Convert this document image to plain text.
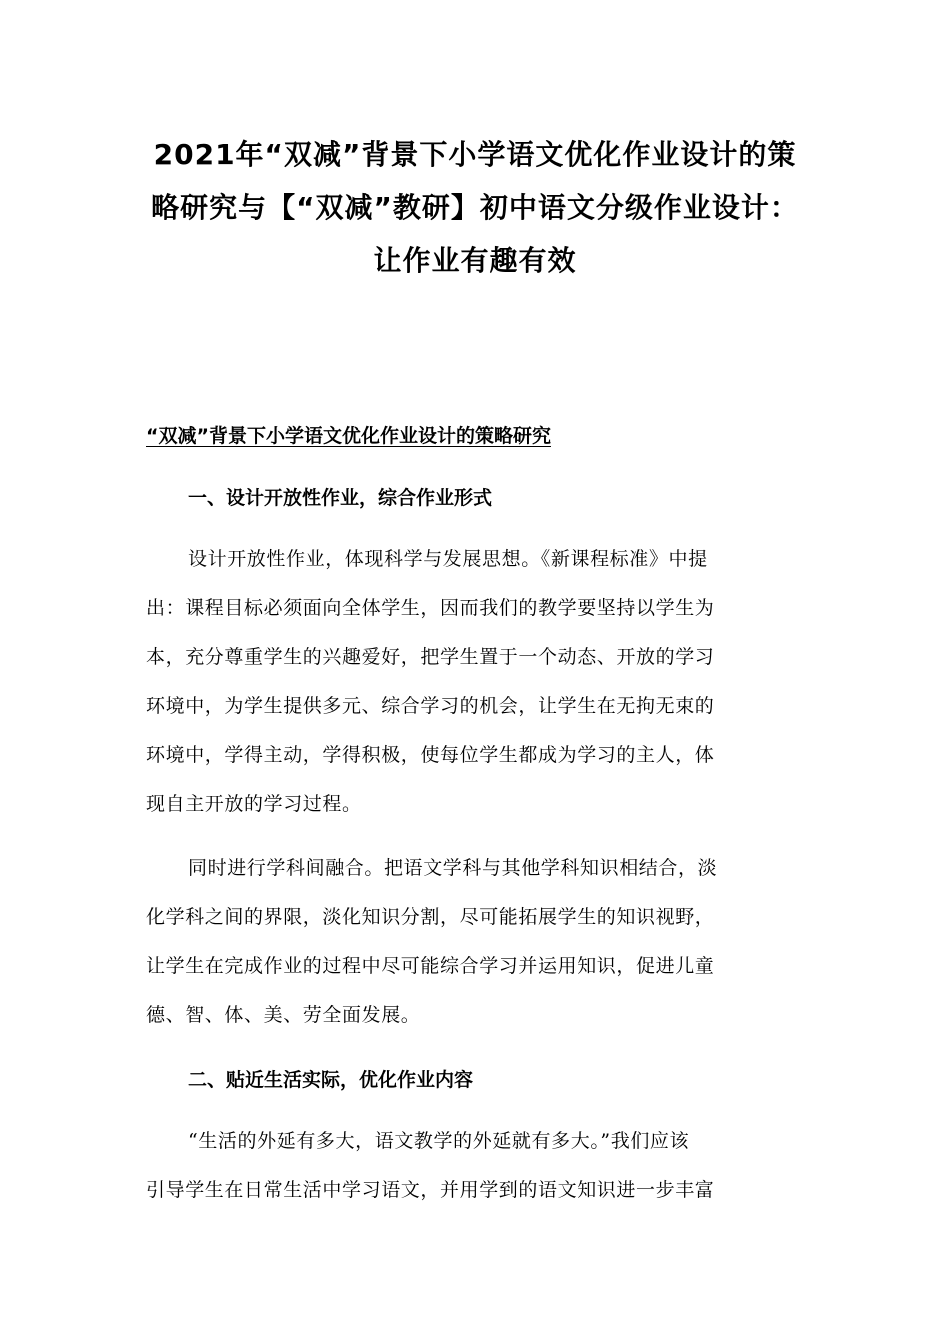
2021年“双减”背景下小学语文优化作业设计的策
略研究与【“双减”教研】初中语文分级作业设计：
让作业有趣有效
“双减”背景下小学语文优化作业设计的策略研究
一、设计开放性作业，综合作业形式
设计开放性作业，体现科学与发展思想。《新课程标准》中提
出：课程目标必须面向全体学生，因而我们的教学要坚持以学生为
本，充分尊重学生的兴趣爱好，把学生置于一个动态、开放的学习
环境中，为学生提供多元、综合学习的机会，让学生在无拘无束的
环境中，学得主动，学得积极，使每位学生都成为学习的主人，体
现自主开放的学习过程。
同时进行学科间融合。把语文学科与其他学科知识相结合，淡
化学科之间的界限，淡化知识分割，尽可能拓展学生的知识视野，
让学生在完成作业的过程中尽可能综合学习并运用知识，促进儿童
德、智、体、美、劳全面发展。
二、贴近生活实际，优化作业内容
“生活的外延有多大，语文教学的外延就有多大。”我们应该
引导学生在日常生活中学习语文，并用学到的语文知识进一步丰富
